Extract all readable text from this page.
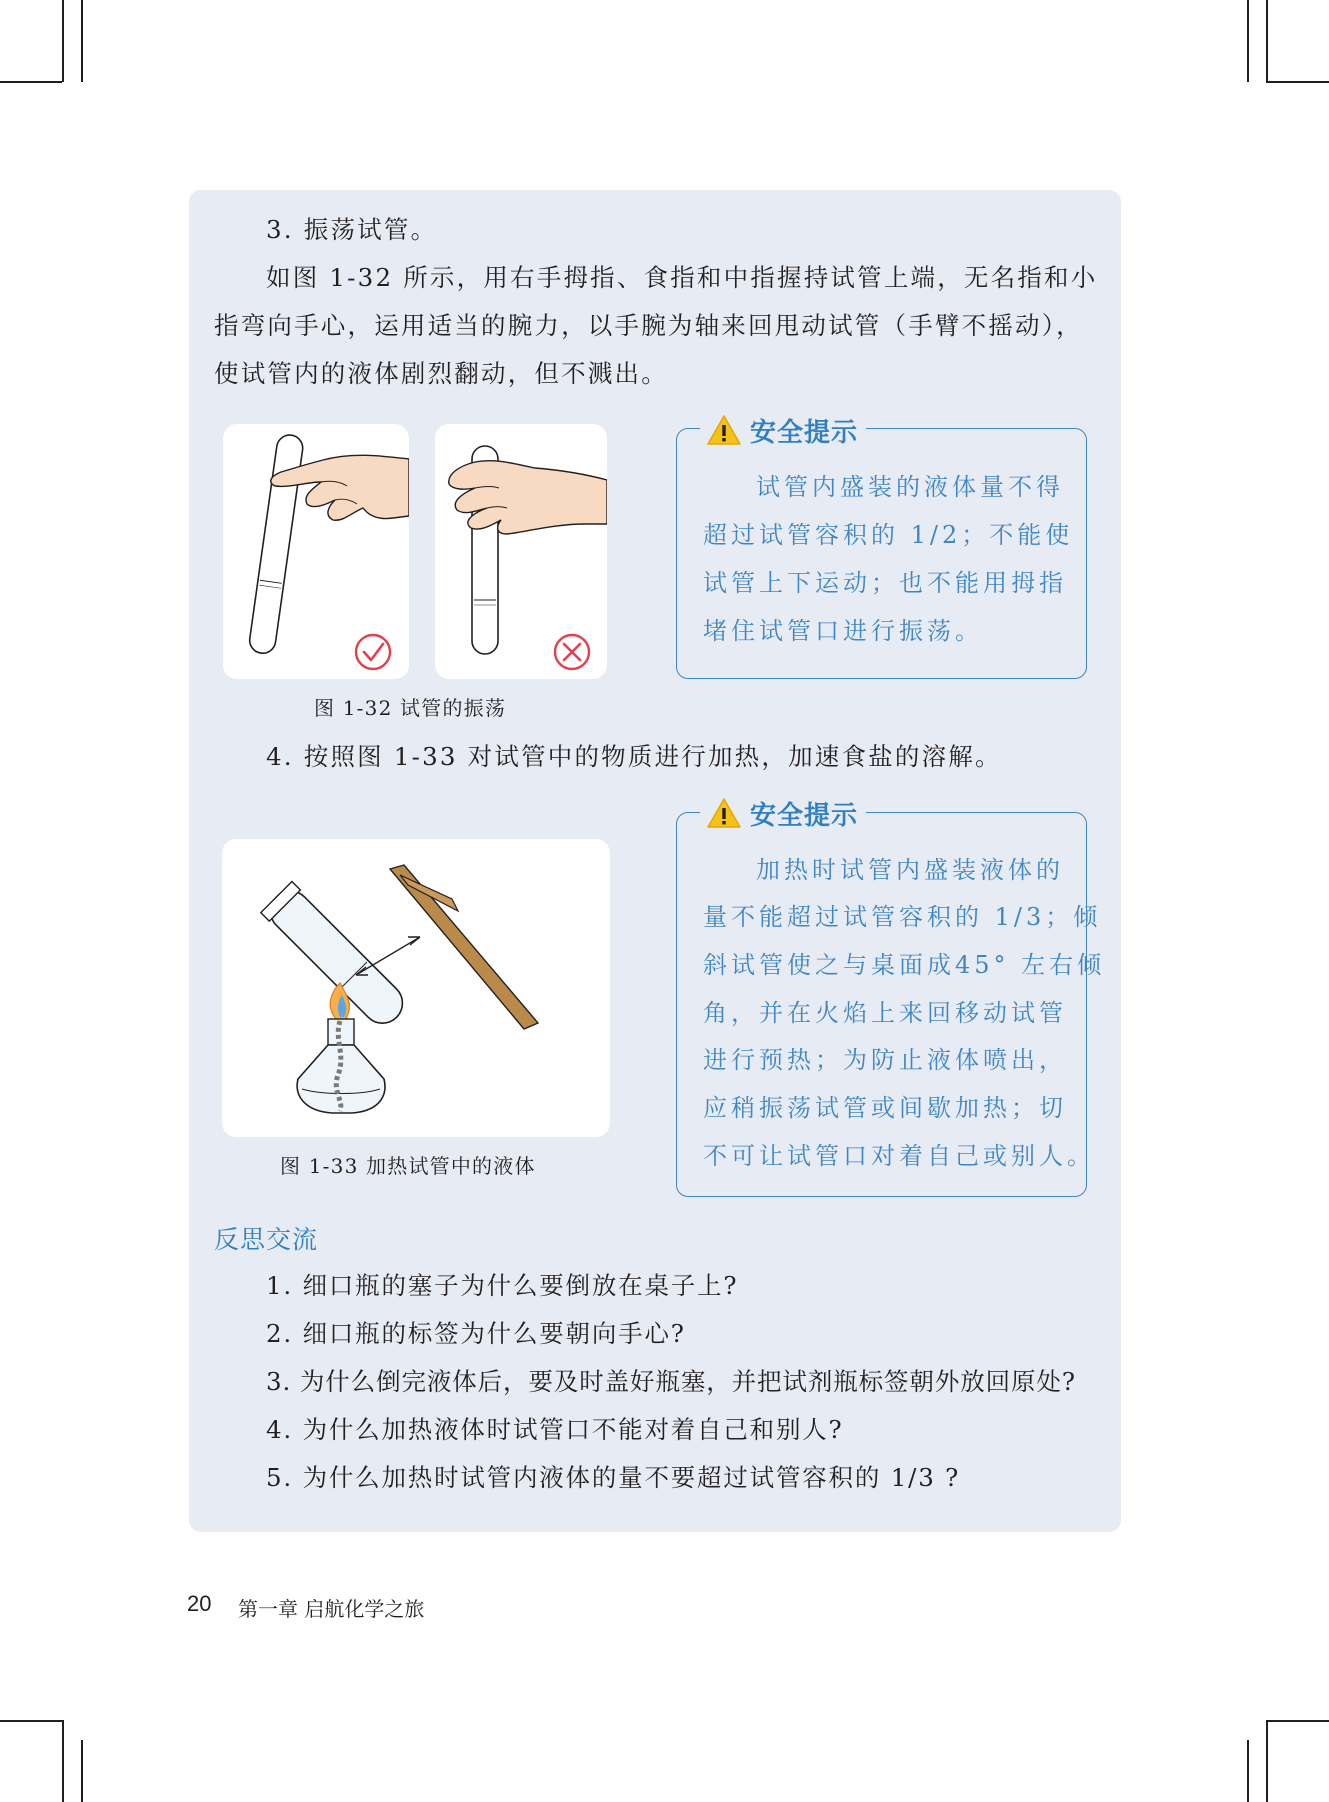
3. 振荡试管。
如图 1-32 所示，用右手拇指、食指和中指握持试管上端，无名指和小
指弯向手心，运用适当的腕力，以手腕为轴来回甩动试管（手臂不摇动），
使试管内的液体剧烈翻动，但不溅出。
图 1-32 试管的振荡
安全提示
试管内盛装的液体量不得
超过试管容积的 1/2；不能使
试管上下运动；也不能用拇指
堵住试管口进行振荡。
4. 按照图 1-33 对试管中的物质进行加热，加速食盐的溶解。
图 1-33 加热试管中的液体
安全提示
加热时试管内盛装液体的
量不能超过试管容积的 1/3；倾
斜试管使之与桌面成45° 左右倾
角，并在火焰上来回移动试管
进行预热；为防止液体喷出，
应稍振荡试管或间歇加热；切
不可让试管口对着自己或别人。
反思交流
1. 细口瓶的塞子为什么要倒放在桌子上?
2. 细口瓶的标签为什么要朝向手心?
3. 为什么倒完液体后，要及时盖好瓶塞，并把试剂瓶标签朝外放回原处?
4. 为什么加热液体时试管口不能对着自己和别人?
5. 为什么加热时试管内液体的量不要超过试管容积的 1/3 ?
20 第一章 启航化学之旅
